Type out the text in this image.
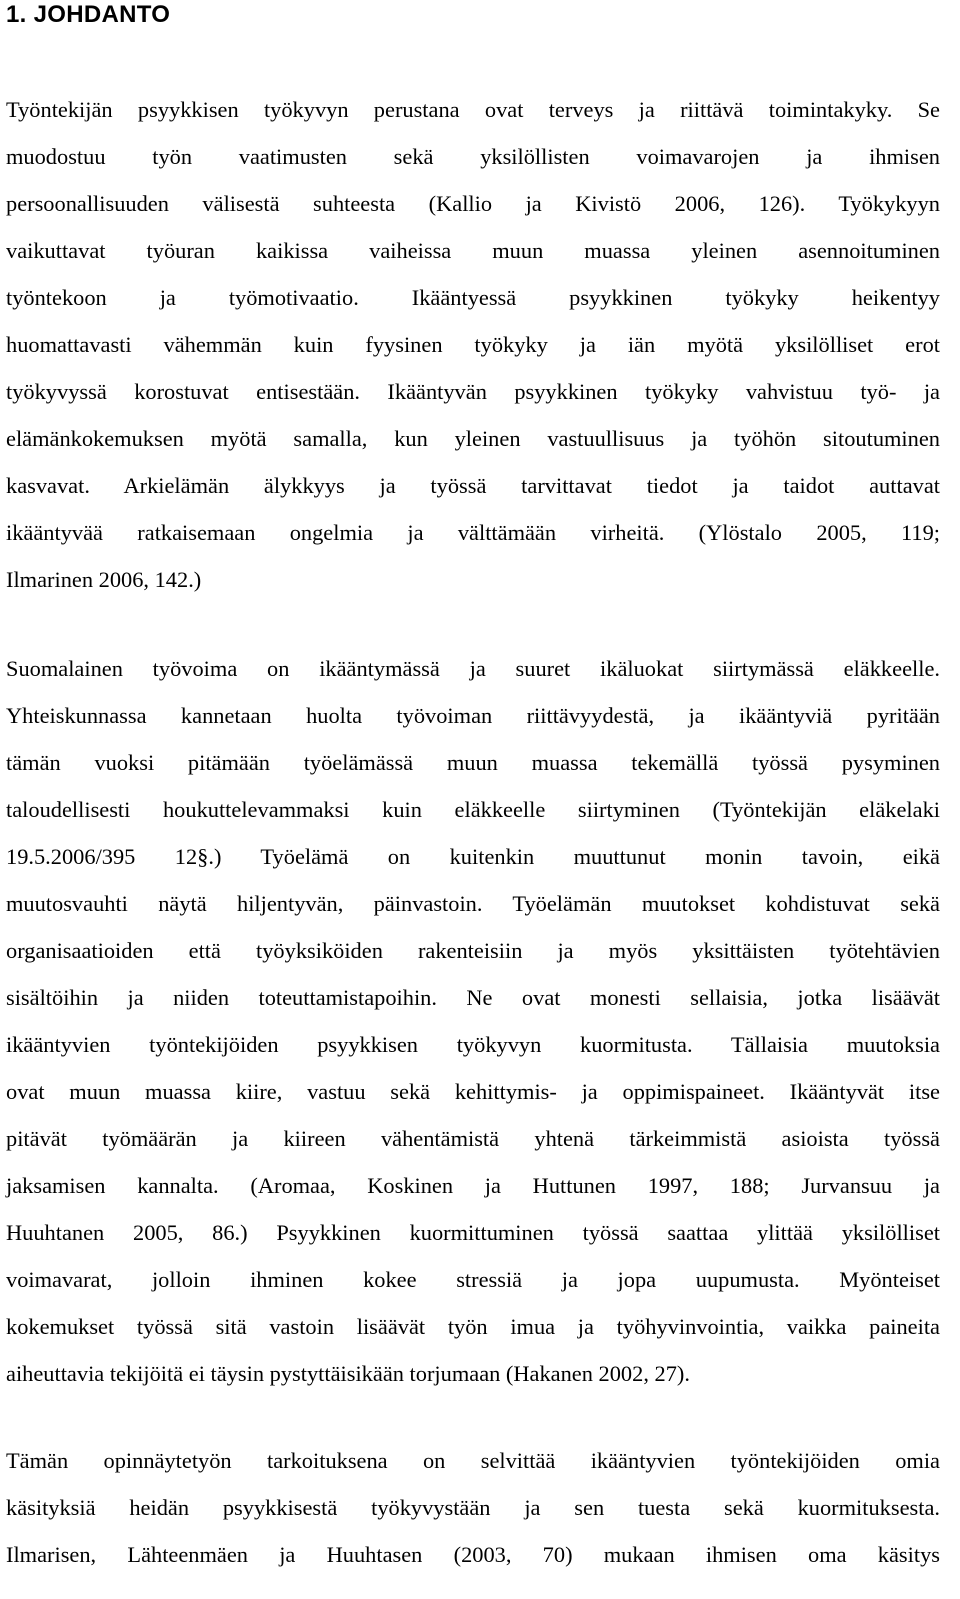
1. JOHDANTO
Työntekijän psyykkisen työkyvyn perustana ovat terveys ja riittävä toimintakyky. Se
muodostuu työn vaatimusten sekä yksilöllisten voimavarojen ja ihmisen
persoonallisuuden välisestä suhteesta (Kallio ja Kivistö 2006, 126). Työkykyyn
vaikuttavat työuran kaikissa vaiheissa muun muassa yleinen asennoituminen
työntekoon ja työmotivaatio. Ikääntyessä psyykkinen työkyky heikentyy
huomattavasti vähemmän kuin fyysinen työkyky ja iän myötä yksilölliset erot
työkyvyssä korostuvat entisestään. Ikääntyvän psyykkinen työkyky vahvistuu työ- ja
elämänkokemuksen myötä samalla, kun yleinen vastuullisuus ja työhön sitoutuminen
kasvavat. Arkielämän älykkyys ja työssä tarvittavat tiedot ja taidot auttavat
ikääntyvää ratkaisemaan ongelmia ja välttämään virheitä. (Ylöstalo 2005, 119;
Ilmarinen 2006, 142.)
Suomalainen työvoima on ikääntymässä ja suuret ikäluokat siirtymässä eläkkeelle.
Yhteiskunnassa kannetaan huolta työvoiman riittävyydestä, ja ikääntyviä pyritään
tämän vuoksi pitämään työelämässä muun muassa tekemällä työssä pysyminen
taloudellisesti houkuttelevammaksi kuin eläkkeelle siirtyminen (Työntekijän eläkelaki
19.5.2006/395 12§.) Työelämä on kuitenkin muuttunut monin tavoin, eikä
muutosvauhti näytä hiljentyvän, päinvastoin. Työelämän muutokset kohdistuvat sekä
organisaatioiden että työyksiköiden rakenteisiin ja myös yksittäisten työtehtävien
sisältöihin ja niiden toteuttamistapoihin. Ne ovat monesti sellaisia, jotka lisäävät
ikääntyvien työntekijöiden psyykkisen työkyvyn kuormitusta. Tällaisia muutoksia
ovat muun muassa kiire, vastuu sekä kehittymis- ja oppimispaineet. Ikääntyvät itse
pitävät työmäärän ja kiireen vähentämistä yhtenä tärkeimmistä asioista työssä
jaksamisen kannalta. (Aromaa, Koskinen ja Huttunen 1997, 188; Jurvansuu ja
Huuhtanen 2005, 86.) Psyykkinen kuormittuminen työssä saattaa ylittää yksilölliset
voimavarat, jolloin ihminen kokee stressiä ja jopa uupumusta. Myönteiset
kokemukset työssä sitä vastoin lisäävät työn imua ja työhyvinvointia, vaikka paineita
aiheuttavia tekijöitä ei täysin pystyttäisikään torjumaan (Hakanen 2002, 27).
Tämän opinnäytetyön tarkoituksena on selvittää ikääntyvien työntekijöiden omia
käsityksiä heidän psyykkisestä työkyvystään ja sen tuesta sekä kuormituksesta.
Ilmarisen, Lähteenmäen ja Huuhtasen (2003, 70) mukaan ihmisen oma käsitys
